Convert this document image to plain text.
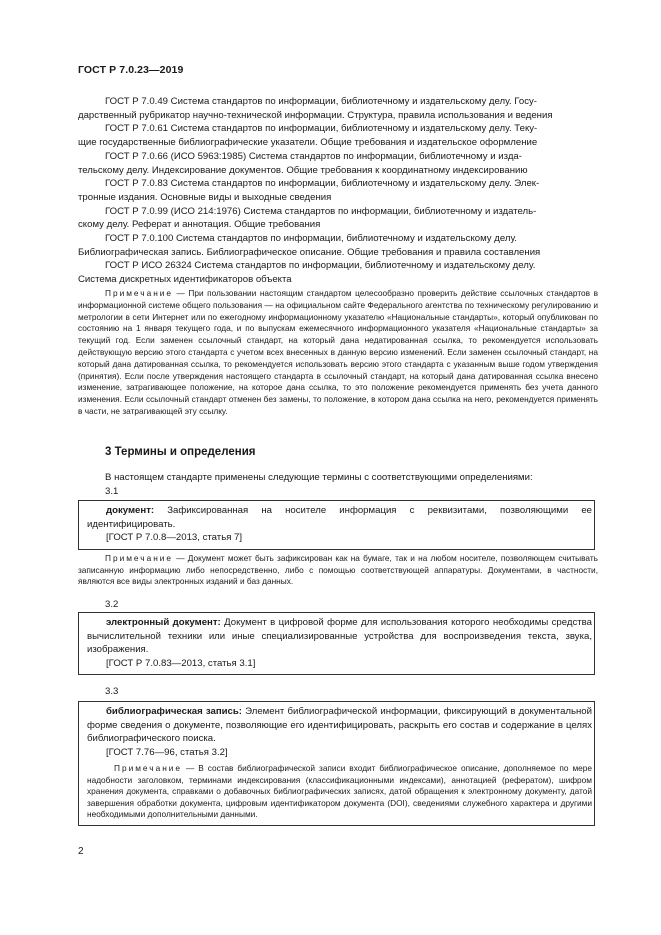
ГОСТ Р 7.0.23—2019

ГОСТ Р 7.0.49 Система стандартов по информации, библиотечному и издательскому делу. Госу-

дарственный рубрикатор научно-технической информации. Структура, правила использования и ведения

ГОСТ Р 7.0.61 Система стандартов по информации, библиотечному и издательскому делу. Теку-

щие государственные библиографические указатели. Общие требования и издательское оформление

ГОСТ Р 7.0.66 (ИСО 5963:1985) Система стандартов по информации, библиотечному и изда-

тельскому делу. Индексирование документов. Общие требования к координатному индексированию

ГОСТ Р 7.0.83 Система стандартов по информации, библиотечному и издательскому делу. Элек-

тронные издания. Основные виды и выходные сведения

ГОСТ Р 7.0.99 (ИСО 214:1976) Система стандартов по информации, библиотечному и издатель-

скому делу. Реферат и аннотация. Общие требования

ГОСТ Р 7.0.100 Система стандартов по информации, библиотечному и издательскому делу.

Библиографическая запись. Библиографическое описание. Общие требования и правила составления

ГОСТ Р ИСО 26324 Система стандартов по информации, библиотечному и издательскому делу.

Система дискретных идентификаторов объекта

Примечание — При пользовании настоящим стандартом целесообразно проверить действие ссылочных стандартов в информационной системе общего пользования — на официальном сайте Федерального агентства по техническому регулированию и метрологии в сети Интернет или по ежегодному информационному указателю «Национальные стандарты», который опубликован по состоянию на 1 января текущего года, и по выпускам ежемесячного информационного указателя «Национальные стандарты» за текущий год. Если заменен ссылочный стандарт, на который дана недатированная ссылка, то рекомендуется использовать действующую версию этого стандарта с учетом всех внесенных в данную версию изменений. Если заменен ссылочный стандарт, на который дана датированная ссылка, то рекомендуется использовать версию этого стандарта с указанным выше годом утверждения (принятия). Если после утверждения настоящего стандарта в ссылочный стандарт, на который дана датированная ссылка внесено изменение, затрагивающее положение, на которое дана ссылка, то это положение рекомендуется применять без учета данного изменения. Если ссылочный стандарт отменен без замены, то положение, в котором дана ссылка на него, рекомендуется применять в части, не затрагивающей эту ссылку.

3 Термины и определения
В настоящем стандарте применены следующие термины с соответствующими определениями:
3.1

документ: Зафиксированная на носителе информация с реквизитами, позволяющими ее идентифицировать.

[ГОСТ Р 7.0.8—2013, статья 7]

Примечание — Документ может быть зафиксирован как на бумаге, так и на любом носителе, позволяющем считывать записанную информацию либо непосредственно, либо с помощью соответствующей аппаратуры. Документами, в частности, являются все виды электронных изданий и баз данных.

3.2

электронный документ: Документ в цифровой форме для использования которого необходимы средства вычислительной техники или иные специализированные устройства для воспроизведения текста, звука, изображения.

[ГОСТ Р 7.0.83—2013, статья 3.1]

3.3

библиографическая запись: Элемент библиографической информации, фиксирующий в документальной форме сведения о документе, позволяющие его идентифицировать, раскрыть его состав и содержание в целях библиографического поиска.

[ГОСТ 7.76—96, статья 3.2]

Примечание — В состав библиографической записи входит библиографическое описание, дополняемое по мере надобности заголовком, терминами индексирования (классификационными индексами), аннотацией (рефератом), шифром хранения документа, справками о добавочных библиографических записях, датой обращения к электронному документу, датой завершения обработки документа, цифровым идентификатором документа (DOI), сведениями служебного характера и другими необходимыми дополнительными данными.

2
